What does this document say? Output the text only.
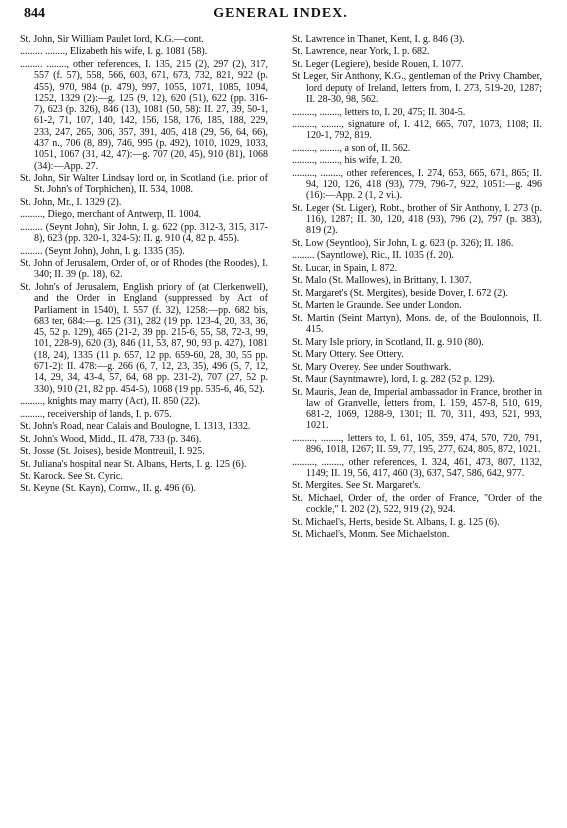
844	GENERAL INDEX.

St. John, Sir William Paulet lord, K.G.—cont.

......... ........, Elizabeth his wife, I. g. 1081 (58).

......... ........, other references, I. 135, 215 (2), 297 (2), 317, 557 (f. 57), 558, 566, 603, 671, 673, 732, 821, 922 (p. 455), 970, 984 (p. 479), 997, 1055, 1071, 1085, 1094, 1252, 1329 (2):—g. 125 (9, 12), 620 (51), 622 (pp. 316-7), 623 (p. 326), 846 (13), 1081 (50, 58): II. 27, 39, 50-1, 61-2, 71, 107, 140, 142, 156, 158, 176, 185, 188, 229, 233, 247, 265, 306, 357, 391, 405, 418 (29, 56, 64, 66), 437 n., 706 (8, 89), 746, 995 (p. 492), 1010, 1029, 1033, 1051, 1067 (31, 42, 47):—g. 707 (20, 45), 910 (81), 1068 (34):—App. 27.

St. John, Sir Walter Lindsay lord or, in Scotland (i.e. prior of St. John's of Torphichen), II. 534, 1008.

St. John, Mr., I. 1329 (2).

........., Diego, merchant of Antwerp, II. 1004.

......... (Seynt John), Sir John, I. g. 622 (pp. 312-3, 315, 317-8), 623 (pp. 320-1, 324-5): II. g. 910 (4, 82 p. 455).

......... (Seynt John), John, I. g. 1335 (35).

St. John of Jerusalem, Order of, or of Rhodes (the Roodes), I. 340; II. 39 (p. 18), 62.

St. John's of Jerusalem, English priory of (at Clerkenwell), and the Order in England (suppressed by Act of Parliament in 1540), I. 557 (f. 32), 1258:—pp. 682 bis, 683 ter, 684:—g. 125 (31), 282 (19 pp. 123-4, 20, 33, 36, 45, 52 p. 129), 465 (21-2, 39 pp. 215-6, 55, 58, 72-3, 99, 101, 228-9), 620 (3), 846 (11, 53, 87, 90, 93 p. 427), 1081 (18, 24), 1335 (11 p. 657, 12 pp. 659-60, 28, 30, 55 pp. 671-2): II. 478:—g. 266 (6, 7, 12, 23, 35), 496 (5, 7, 12, 14, 29, 34, 43-4, 57, 64, 68 pp. 231-2), 707 (27, 52 p. 330), 910 (21, 82 pp. 454-5), 1068 (19 pp. 535-6, 46, 52).

........., knights may marry (Act), II. 850 (22).

........., receivership of lands, I. p. 675.

St. John's Road, near Calais and Boulogne, I. 1313, 1332.

St. John's Wood, Midd., II. 478, 733 (p. 346).

St. Josse (St. Joises), beside Montreuil, I. 925.

St. Juliana's hospital near St. Albans, Herts, I. g. 125 (6).

St. Karock. See St. Cyric.

St. Keyne (St. Kayn), Cornw., II. g. 496 (6).

St. Lawrence in Thanet, Kent, I. g. 846 (3).

St. Lawrence, near York, I. p. 682.

St. Leger (Legiere), beside Rouen, I. 1077.

St Leger, Sir Anthony, K.G., gentleman of the Privy Chamber, lord deputy of Ireland, letters from, I. 273, 519-20, 1287; II. 28-30, 98, 562.

........., ........, letters to, I. 20, 475; II. 304-5.

........., ........, signature of, I. 412, 665, 707, 1073, 1108; II. 120-1, 792, 819.

........., ........, a son of, II. 562.

........., ........, his wife, I. 20.

........., ........, other references, I. 274, 653, 665, 671, 865; II. 94, 120, 126, 418 (93), 779, 796-7, 922, 1051:—g. 496 (16):—App. 2 (1, 2 vi.).

St. Leger (St. Liger), Robt., brother of Sir Anthony, I. 273 (p. 116), 1287; II. 30, 120, 418 (93), 796 (2), 797 (p. 383), 819 (2).

St. Low (Seyntloo), Sir John, I. g. 623 (p. 326); II. 186.

......... (Sayntlowe), Ric., II. 1035 (f. 20).

St. Lucar, in Spain, I. 872.

St. Malo (St. Mallowes), in Brittany, I. 1307.

St. Margaret's (St. Mergites), beside Dover, I. 672 (2).

St. Marten le Graunde. See under London.

St. Martin (Seint Martyn), Mons. de, of the Boulonnois, II. 415.

St. Mary Isle priory, in Scotland, II. g. 910 (80).

St. Mary Ottery. See Ottery.

St. Mary Overey. See under Southwark.

St. Maur (Sayntmawre), lord, I. g. 282 (52 p. 129).

St. Mauris, Jean de, Imperial ambassador in France, brother in law of Granvelle, letters from, I. 159, 457-8, 510, 619, 681-2, 1069, 1288-9, 1301; II. 70, 311, 493, 521, 993, 1021.

........., ........, letters to, I. 61, 105, 359, 474, 570, 720, 791, 896, 1018, 1267; II. 59, 77, 195, 277, 624, 805, 872, 1021.

........., ........, other references, I. 324, 461, 473, 807, 1132, 1149; II. 19, 56, 417, 460 (3), 637, 547, 586, 642, 977.

St. Mergites. See St. Margaret's.

St. Michael, Order of, the order of France, "Order of the cockle," I. 202 (2), 522, 919 (2), 924.

St. Michael's, Herts, beside St. Albans, I. g. 125 (6).

St. Michael's, Monm. See Michaelston.
